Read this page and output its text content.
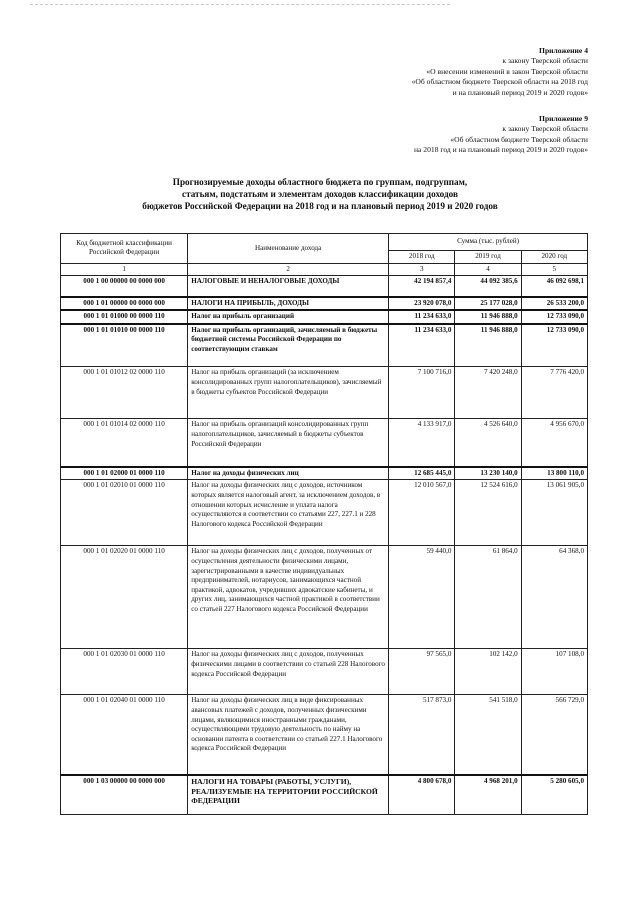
Приложение 4
к закону Тверской области
«О внесении изменений в закон Тверской области
«Об областном бюджете Тверской области на 2018 год
и на плановый период 2019 и 2020 годов»
Приложение 9
к закону Тверской области
«Об областном бюджете Тверской области
на 2018 год и на плановый период 2019 и 2020 годов»
Прогнозируемые доходы областного бюджета по группам, подгруппам,
статьям, подстатьям и элементам доходов классификации доходов
бюджетов Российской Федерации на 2018 год и на плановый период 2019 и 2020 годов
Код бюджетной классификации Российской Федерации	Наименование дохода	Сумма (тыс. рублей)		
		2018 год	2019 год	2020 год
1	2	3	4	5
000 1 00 00000 00 0000 000	НАЛОГОВЫЕ И НЕНАЛОГОВЫЕ ДОХОДЫ	42 194 857,4	44 092 385,6	46 092 698,1
000 1 01 00000 00 0000 000	НАЛОГИ НА ПРИБЫЛЬ, ДОХОДЫ	23 920 078,0	25 177 028,0	26 533 200,0
000 1 01 01000 00 0000 110	Налог на прибыль организаций	11 234 633,0	11 946 888,0	12 733 090,0
000 1 01 01010 00 0000 110	Налог на прибыль организаций, зачисляемый в бюджеты бюджетной системы Российской Федерации по соответствующим ставкам	11 234 633,0	11 946 888,0	12 733 090,0
000 1 01 01012 02 0000 110	Налог на прибыль организаций (за исключением консолидированных групп налогоплательщиков), зачисляемый в бюджеты субъектов Российской Федерации	7 100 716,0	7 420 248,0	7 776 420,0
000 1 01 01014 02 0000 110	Налог на прибыль организаций консолидированных групп налогоплательщиков, зачисляемый в бюджеты субъектов Российской Федерации	4 133 917,0	4 526 640,0	4 956 670,0
000 1 01 02000 01 0000 110	Налог на доходы физических лиц	12 685 445,0	13 230 140,0	13 800 110,0
000 1 01 02010 01 0000 110	Налог на доходы физических лиц с доходов, источником которых является налоговый агент, за исключением доходов, в отношении которых исчисление и уплата налога осуществляются в соответствии со статьями 227, 227.1 и 228 Налогового кодекса Российской Федерации	12 010 567,0	12 524 616,0	13 061 905,0
000 1 01 02020 01 0000 110	Налог на доходы физических лиц с доходов, полученных от осуществления деятельности физическими лицами, зарегистрированными в качестве индивидуальных предпринимателей, нотариусов, занимающихся частной практикой, адвокатов, учредивших адвокатские кабинеты, и других лиц, занимающихся частной практикой в соответствии со статьей 227 Налогового кодекса Российской Федерации	59 440,0	61 864,0	64 368,0
000 1 01 02030 01 0000 110	Налог на доходы физических лиц с доходов, полученных физическими лицами в соответствии со статьей 228 Налогового кодекса Российской Федерации	97 565,0	102 142,0	107 108,0
000 1 01 02040 01 0000 110	Налог на доходы физических лиц в виде фиксированных авансовых платежей с доходов, полученных физическими лицами, являющимися иностранными гражданами, осуществляющими трудовую деятельность по найму на основании патента в соответствии со статьей 227.1 Налогового кодекса Российской Федерации	517 873,0	541 518,0	566 729,0
000 1 03 00000 00 0000 000	НАЛОГИ НА ТОВАРЫ (РАБОТЫ, УСЛУГИ), РЕАЛИЗУЕМЫЕ НА ТЕРРИТОРИИ РОССИЙСКОЙ ФЕДЕРАЦИИ	4 800 678,0	4 968 201,0	5 280 605,0
